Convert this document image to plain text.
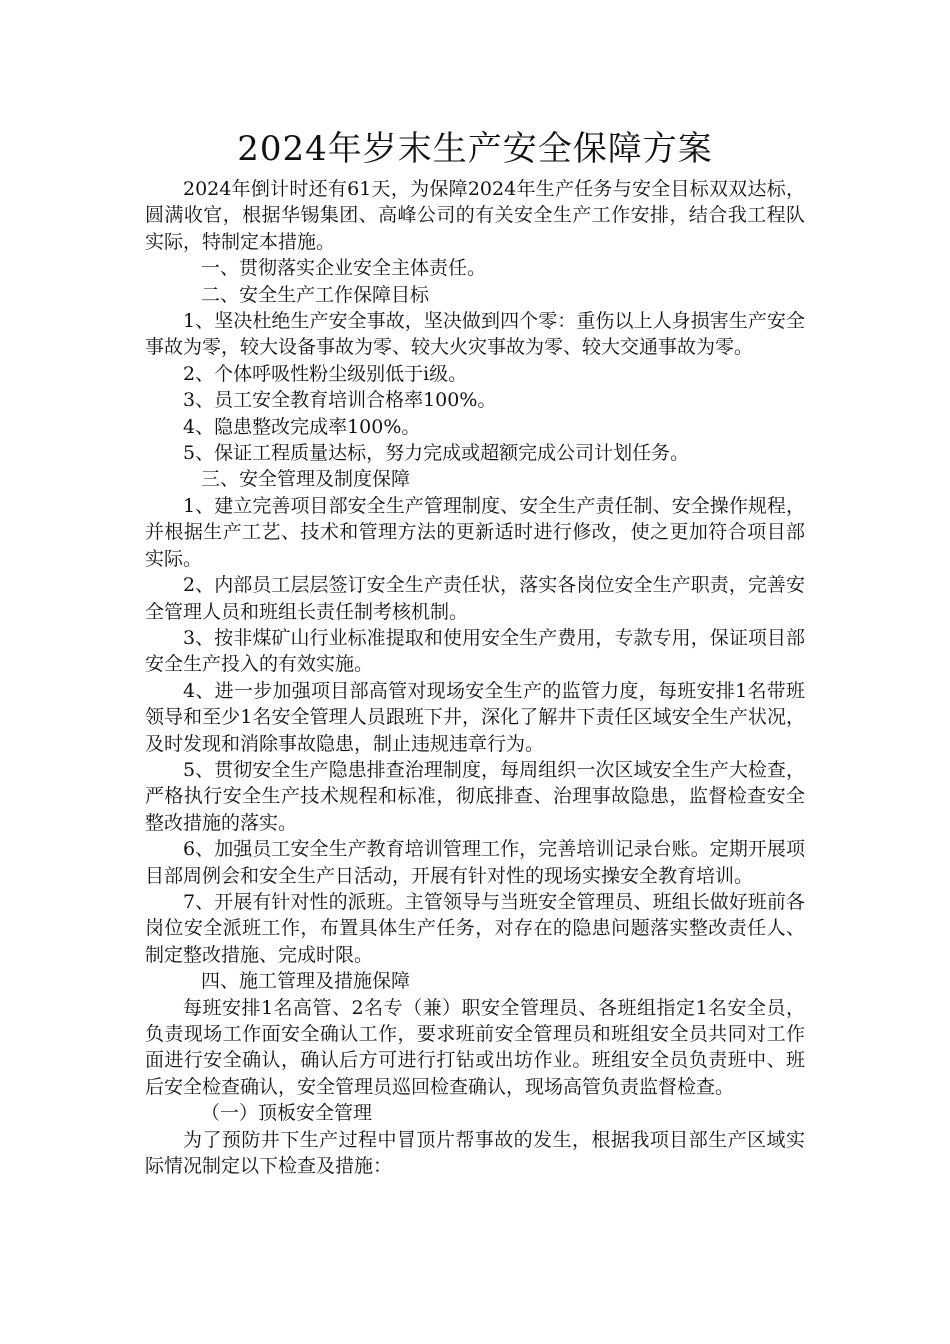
2024年岁末生产安全保障方案

2024年倒计时还有61天，为保障2024年生产任务与安全目标双双达标，圆满收官，根据华锡集团、高峰公司的有关安全生产工作安排，结合我工程队实际，特制定本措施。

一、贯彻落实企业安全主体责任。

二、安全生产工作保障目标

1、坚决杜绝生产安全事故，坚决做到四个零：重伤以上人身损害生产安全事故为零，较大设备事故为零、较大火灾事故为零、较大交通事故为零。

2、个体呼吸性粉尘级别低于ⅰ级。

3、员工安全教育培训合格率100%。

4、隐患整改完成率100%。

5、保证工程质量达标，努力完成或超额完成公司计划任务。

三、安全管理及制度保障

1、建立完善项目部安全生产管理制度、安全生产责任制、安全操作规程，并根据生产工艺、技术和管理方法的更新适时进行修改，使之更加符合项目部实际。

2、内部员工层层签订安全生产责任状，落实各岗位安全生产职责，完善安全管理人员和班组长责任制考核机制。

3、按非煤矿山行业标准提取和使用安全生产费用，专款专用，保证项目部安全生产投入的有效实施。

4、进一步加强项目部高管对现场安全生产的监管力度，每班安排1名带班领导和至少1名安全管理人员跟班下井，深化了解井下责任区域安全生产状况，及时发现和消除事故隐患，制止违规违章行为。

5、贯彻安全生产隐患排查治理制度，每周组织一次区域安全生产大检查，严格执行安全生产技术规程和标准，彻底排查、治理事故隐患，监督检查安全整改措施的落实。

6、加强员工安全生产教育培训管理工作，完善培训记录台账。定期开展项目部周例会和安全生产日活动，开展有针对性的现场实操安全教育培训。

7、开展有针对性的派班。主管领导与当班安全管理员、班组长做好班前各岗位安全派班工作，布置具体生产任务，对存在的隐患问题落实整改责任人、制定整改措施、完成时限。

四、施工管理及措施保障

每班安排1名高管、2名专（兼）职安全管理员、各班组指定1名安全员，负责现场工作面安全确认工作，要求班前安全管理员和班组安全员共同对工作面进行安全确认，确认后方可进行打钻或出坊作业。班组安全员负责班中、班后安全检查确认，安全管理员巡回检查确认，现场高管负责监督检查。

（一）顶板安全管理

为了预防井下生产过程中冒顶片帮事故的发生，根据我项目部生产区域实际情况制定以下检查及措施：
